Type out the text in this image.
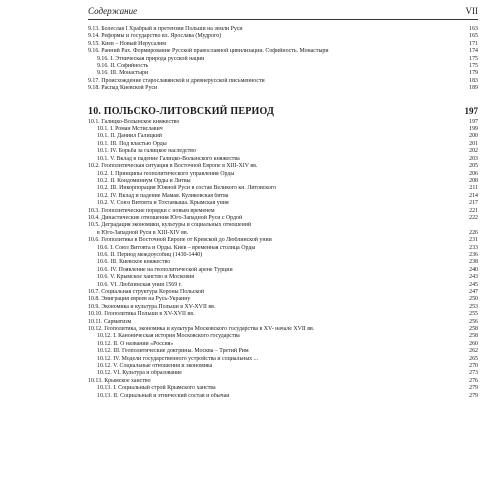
Содержание	VII
9.13. Болеслав I Храбрый и претензии Польши на земли Руси	163
9.14. Реформы и государство вл. Ярослава (Мудрого)	165
9.15. Киев – Новый Иерусалим	171
9.16. Ранний Рах. Формирование Русской православной цивилизации. Софийность. Монастыри	174
9.16. I. Этническая природа русской нации	175
9.16. II. Софийность	175
9.16. III. Монастыри	179
9.17. Происхождение старославянской и древнерусской письменности	183
9.18. Распад Киевской Руси	189
10. ПОЛЬСКО-ЛИТОВСКИЙ ПЕРИОД	197
10.1. Галицко-Волынское княжество	197
10.1. I. Роман Мстиславич	199
10.1. II. Даниил Галицкий	200
10.1. III. Под властью Орды	201
10.1. IV. Борьба за галицкое наследство	202
10.1. V. Вклад в падение Галицко-Волынского княжества	203
10.2. Геополитическая ситуация в Восточной Европе в XIII-XIV вв.	205
10.2. I. Принципы геополитического управления Орды	206
10.2. II. Кондоминиум Орды и Литвы	208
10.2. III. Инкорпорация Южной Руси в состав Великого кн. Литовского	211
10.2. IV. Вклад и падение Мамая. Куликовская битва	214
10.2. V. Союз Витовта и Тохтамыша. Крымская уния	217
10.3. Геополитические порядки с новым временем	221
10.4. Династические отношения Юго-Западной Руси с Ордой	222
10.5. Деградация экономики, культуры и социальных отношений
в Юго-Западной Руси в XIII-XIV вв.	226
10.6. Геополитика в Восточной Европе от Кревской до Люблинской унии	231
10.6. I. Союз Витовта и Орды. Киев – временная столица Орды	233
10.6. II. Период междоусобиц (1430-1440)	236
10.6. III. Киевское княжество	238
10.6. IV. Появление на геополитической арене Турции	240
10.6. V. Крымское ханство и Московия	243
10.6. VI. Люблинская уния 1569 г.	245
10.7. Социальная структура Короны Польской	247
10.8. Эмиграция евреев на Русь-Украину	250
10.9. Экономика и культура Польши в XV-XVII вв.	253
10.10. Геополитика Польши в XV-XVII вв.	255
10.11. Сарматизм	256
10.12. Геополитика, экономика и культура Московского государства в XV- начале XVII вв.	258
10.12. I. Каноническая история Московского государства	258
10.12. II. О названии «Россия»	260
10.12. III. Геополитические доктрины. Москва – Третий Рим	262
10.12. IV. Модели государственного устройства и социальных ...	265
10.12. V. Социальные отношения и экономика	270
10.12. VI. Культура и образование	273
10.13. Крымское ханство	276
10.13. I. Социальный строй Крымского ханства	279
10.13. II. Социальный и этнический состав и обычаи	279
